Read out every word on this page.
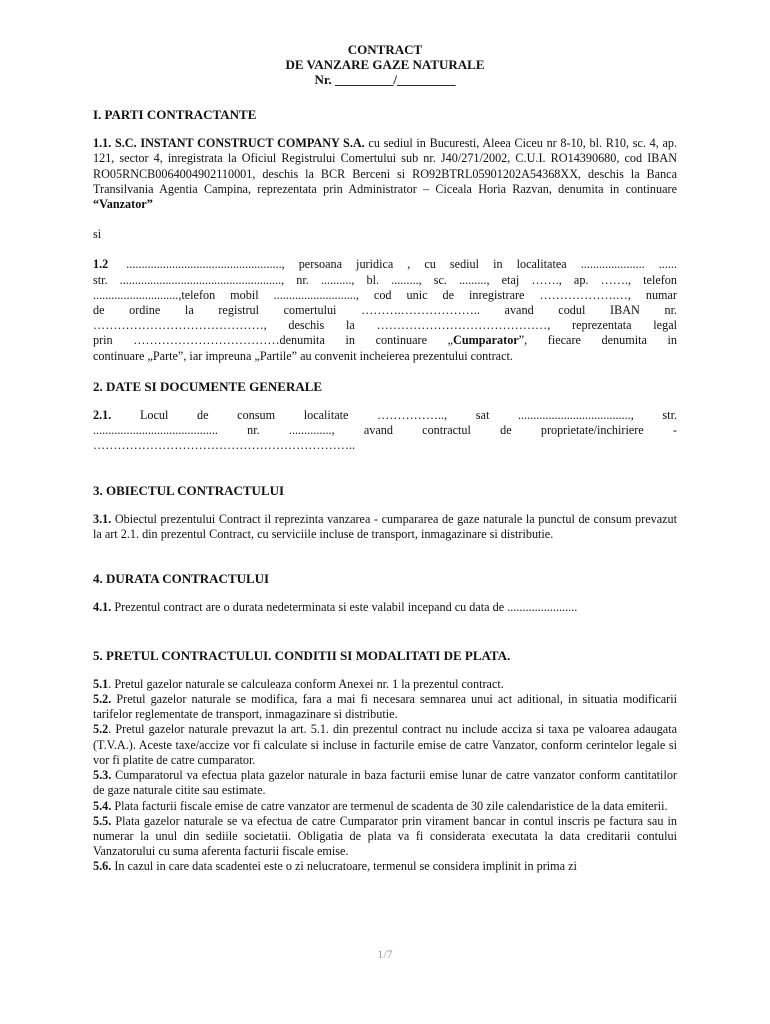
CONTRACT
DE VANZARE GAZE NATURALE
Nr. _________/_________
I. PARTI CONTRACTANTE

1.1. S.C. INSTANT CONSTRUCT COMPANY S.A. cu sediul in Bucuresti, Aleea Ciceu nr 8-10, bl. R10, sc. 4, ap. 121, sector 4, inregistrata la Oficiul Registrului Comertului sub nr. J40/271/2002, C.U.I. RO14390680, cod IBAN RO05RNCB0064004902110001, deschis la BCR Berceni si RO92BTRL05901202A54368XX, deschis la Banca Transilvania Agentia Campina, reprezentata prin Administrator – Ciceala Horia Razvan, denumita in continuare “Vanzator”

si

1.2 ..................................................., persoana juridica , cu sediul in localitatea ..................... ......

str. ....................................................., nr. .........., bl. ........., sc. ........., etaj ……., ap. ……., telefon

............................,telefon mobil ..........................., cod unic de inregistrare ……………….…, numar

de ordine la registrul comertului ……….……………….. avand codul IBAN nr.

……………………………………, deschis la ……………………………………, reprezentata legal

prin ………………………………denumita in continuare „Cumparator”, fiecare denumita in

continuare „Parte”, iar impreuna „Partile” au convenit incheierea prezentului contract.

2. DATE SI DOCUMENTE GENERALE

2.1. Locul de consum localitate …………….., sat ....................................., str.

......................................... nr. .............., avand contractul de proprietate/inchiriere -

………………………………………………………..

3. OBIECTUL CONTRACTULUI

3.1. Obiectul prezentului Contract il reprezinta vanzarea - cumpararea de gaze naturale la punctul de consum prevazut la art 2.1. din prezentul Contract, cu serviciile incluse de transport, inmagazinare si distributie.

4. DURATA CONTRACTULUI

4.1. Prezentul contract are o durata nedeterminata si este valabil incepand cu data de .......................

5. PRETUL CONTRACTULUI. CONDITII SI MODALITATI DE PLATA.

5.1. Pretul gazelor naturale se calculeaza conform Anexei nr. 1 la prezentul contract.

5.2. Pretul gazelor naturale se modifica, fara a mai fi necesara semnarea unui act aditional, in situatia modificarii tarifelor reglementate de transport, inmagazinare si distributie.

5.2. Pretul gazelor naturale prevazut la art. 5.1. din prezentul contract nu include acciza si taxa pe valoarea adaugata (T.V.A.). Aceste taxe/accize vor fi calculate si incluse in facturile emise de catre Vanzator, conform cerintelor legale si vor fi platite de catre cumparator.

5.3. Cumparatorul va efectua plata gazelor naturale in baza facturii emise lunar de catre vanzator conform cantitatilor de gaze naturale citite sau estimate.

5.4. Plata facturii fiscale emise de catre vanzator are termenul de scadenta de 30 zile calendaristice de la data emiterii.

5.5. Plata gazelor naturale se va efectua de catre Cumparator prin virament bancar in contul inscris pe factura sau in numerar la unul din sediile societatii. Obligatia de plata va fi considerata executata la data creditarii contului Vanzatorului cu suma aferenta facturii fiscale emise.

5.6. In cazul in care data scadentei este o zi nelucratoare, termenul se considera implinit in prima zi

1/7
